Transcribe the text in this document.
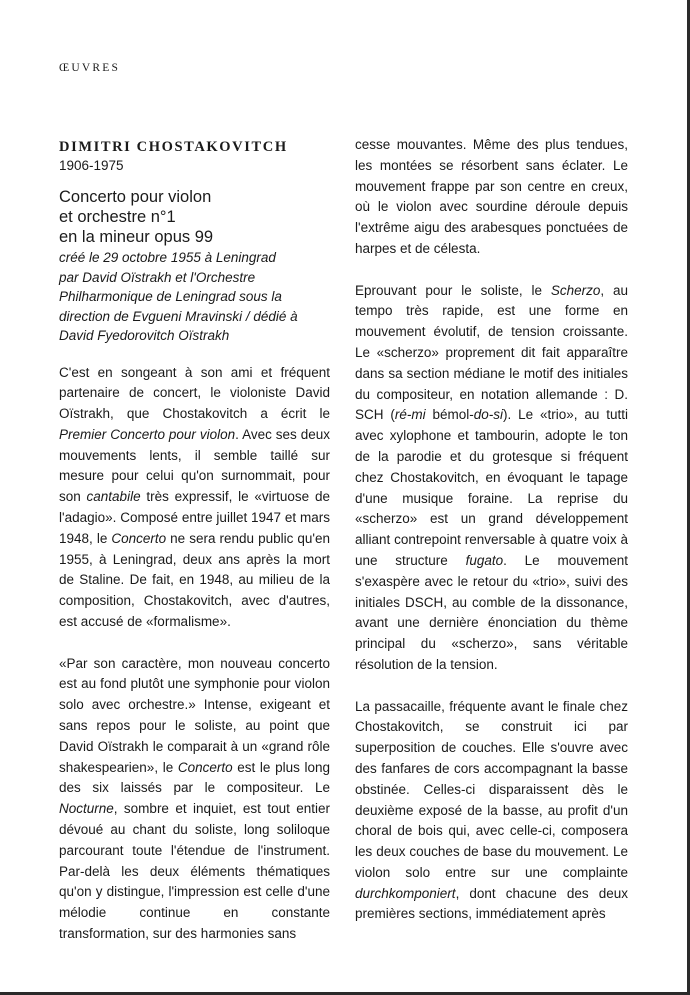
ŒUVRES
DIMITRI CHOSTAKOVITCH
1906-1975
Concerto pour violon
et orchestre n°1
en la mineur opus 99
créé le 29 octobre 1955 à Leningrad
par David Oïstrakh et l'Orchestre
Philharmonique de Leningrad sous la
direction de Evgueni Mravinski / dédié à
David Fyedorovitch Oïstrakh

C'est en songeant à son ami et fréquent partenaire de concert, le violoniste David Oïstrakh, que Chostakovitch a écrit le Premier Concerto pour violon. Avec ses deux mouvements lents, il semble taillé sur mesure pour celui qu'on surnommait, pour son cantabile très expressif, le «virtuose de l'adagio». Composé entre juillet 1947 et mars 1948, le Concerto ne sera rendu public qu'en 1955, à Leningrad, deux ans après la mort de Staline. De fait, en 1948, au milieu de la composition, Chostakovitch, avec d'autres, est accusé de «formalisme».

«Par son caractère, mon nouveau concerto est au fond plutôt une symphonie pour violon solo avec orchestre.» Intense, exigeant et sans repos pour le soliste, au point que David Oïstrakh le comparait à un «grand rôle shakespearien», le Concerto est le plus long des six laissés par le compositeur. Le Nocturne, sombre et inquiet, est tout entier dévoué au chant du soliste, long soliloque parcourant toute l'étendue de l'instrument. Par-delà les deux éléments thématiques qu'on y distingue, l'impression est celle d'une mélodie continue en constante transformation, sur des harmonies sans

cesse mouvantes. Même des plus tendues, les montées se résorbent sans éclater. Le mouvement frappe par son centre en creux, où le violon avec sourdine déroule depuis l'extrême aigu des arabesques ponctuées de harpes et de célesta.

Eprouvant pour le soliste, le Scherzo, au tempo très rapide, est une forme en mouvement évolutif, de tension croissante. Le «scherzo» proprement dit fait apparaître dans sa section médiane le motif des initiales du compositeur, en notation allemande : D. SCH (ré-mi bémol-do-si). Le «trio», au tutti avec xylophone et tambourin, adopte le ton de la parodie et du grotesque si fréquent chez Chostakovitch, en évoquant le tapage d'une musique foraine. La reprise du «scherzo» est un grand développement alliant contrepoint renversable à quatre voix à une structure fugato. Le mouvement s'exaspère avec le retour du «trio», suivi des initiales DSCH, au comble de la dissonance, avant une dernière énonciation du thème principal du «scherzo», sans véritable résolution de la tension.

La passacaille, fréquente avant le finale chez Chostakovitch, se construit ici par superposition de couches. Elle s'ouvre avec des fanfares de cors accompagnant la basse obstinée. Celles-ci disparaissent dès le deuxième exposé de la basse, au profit d'un choral de bois qui, avec celle-ci, composera les deux couches de base du mouvement. Le violon solo entre sur une complainte durchkomponiert, dont chacune des deux premières sections, immédiatement après
